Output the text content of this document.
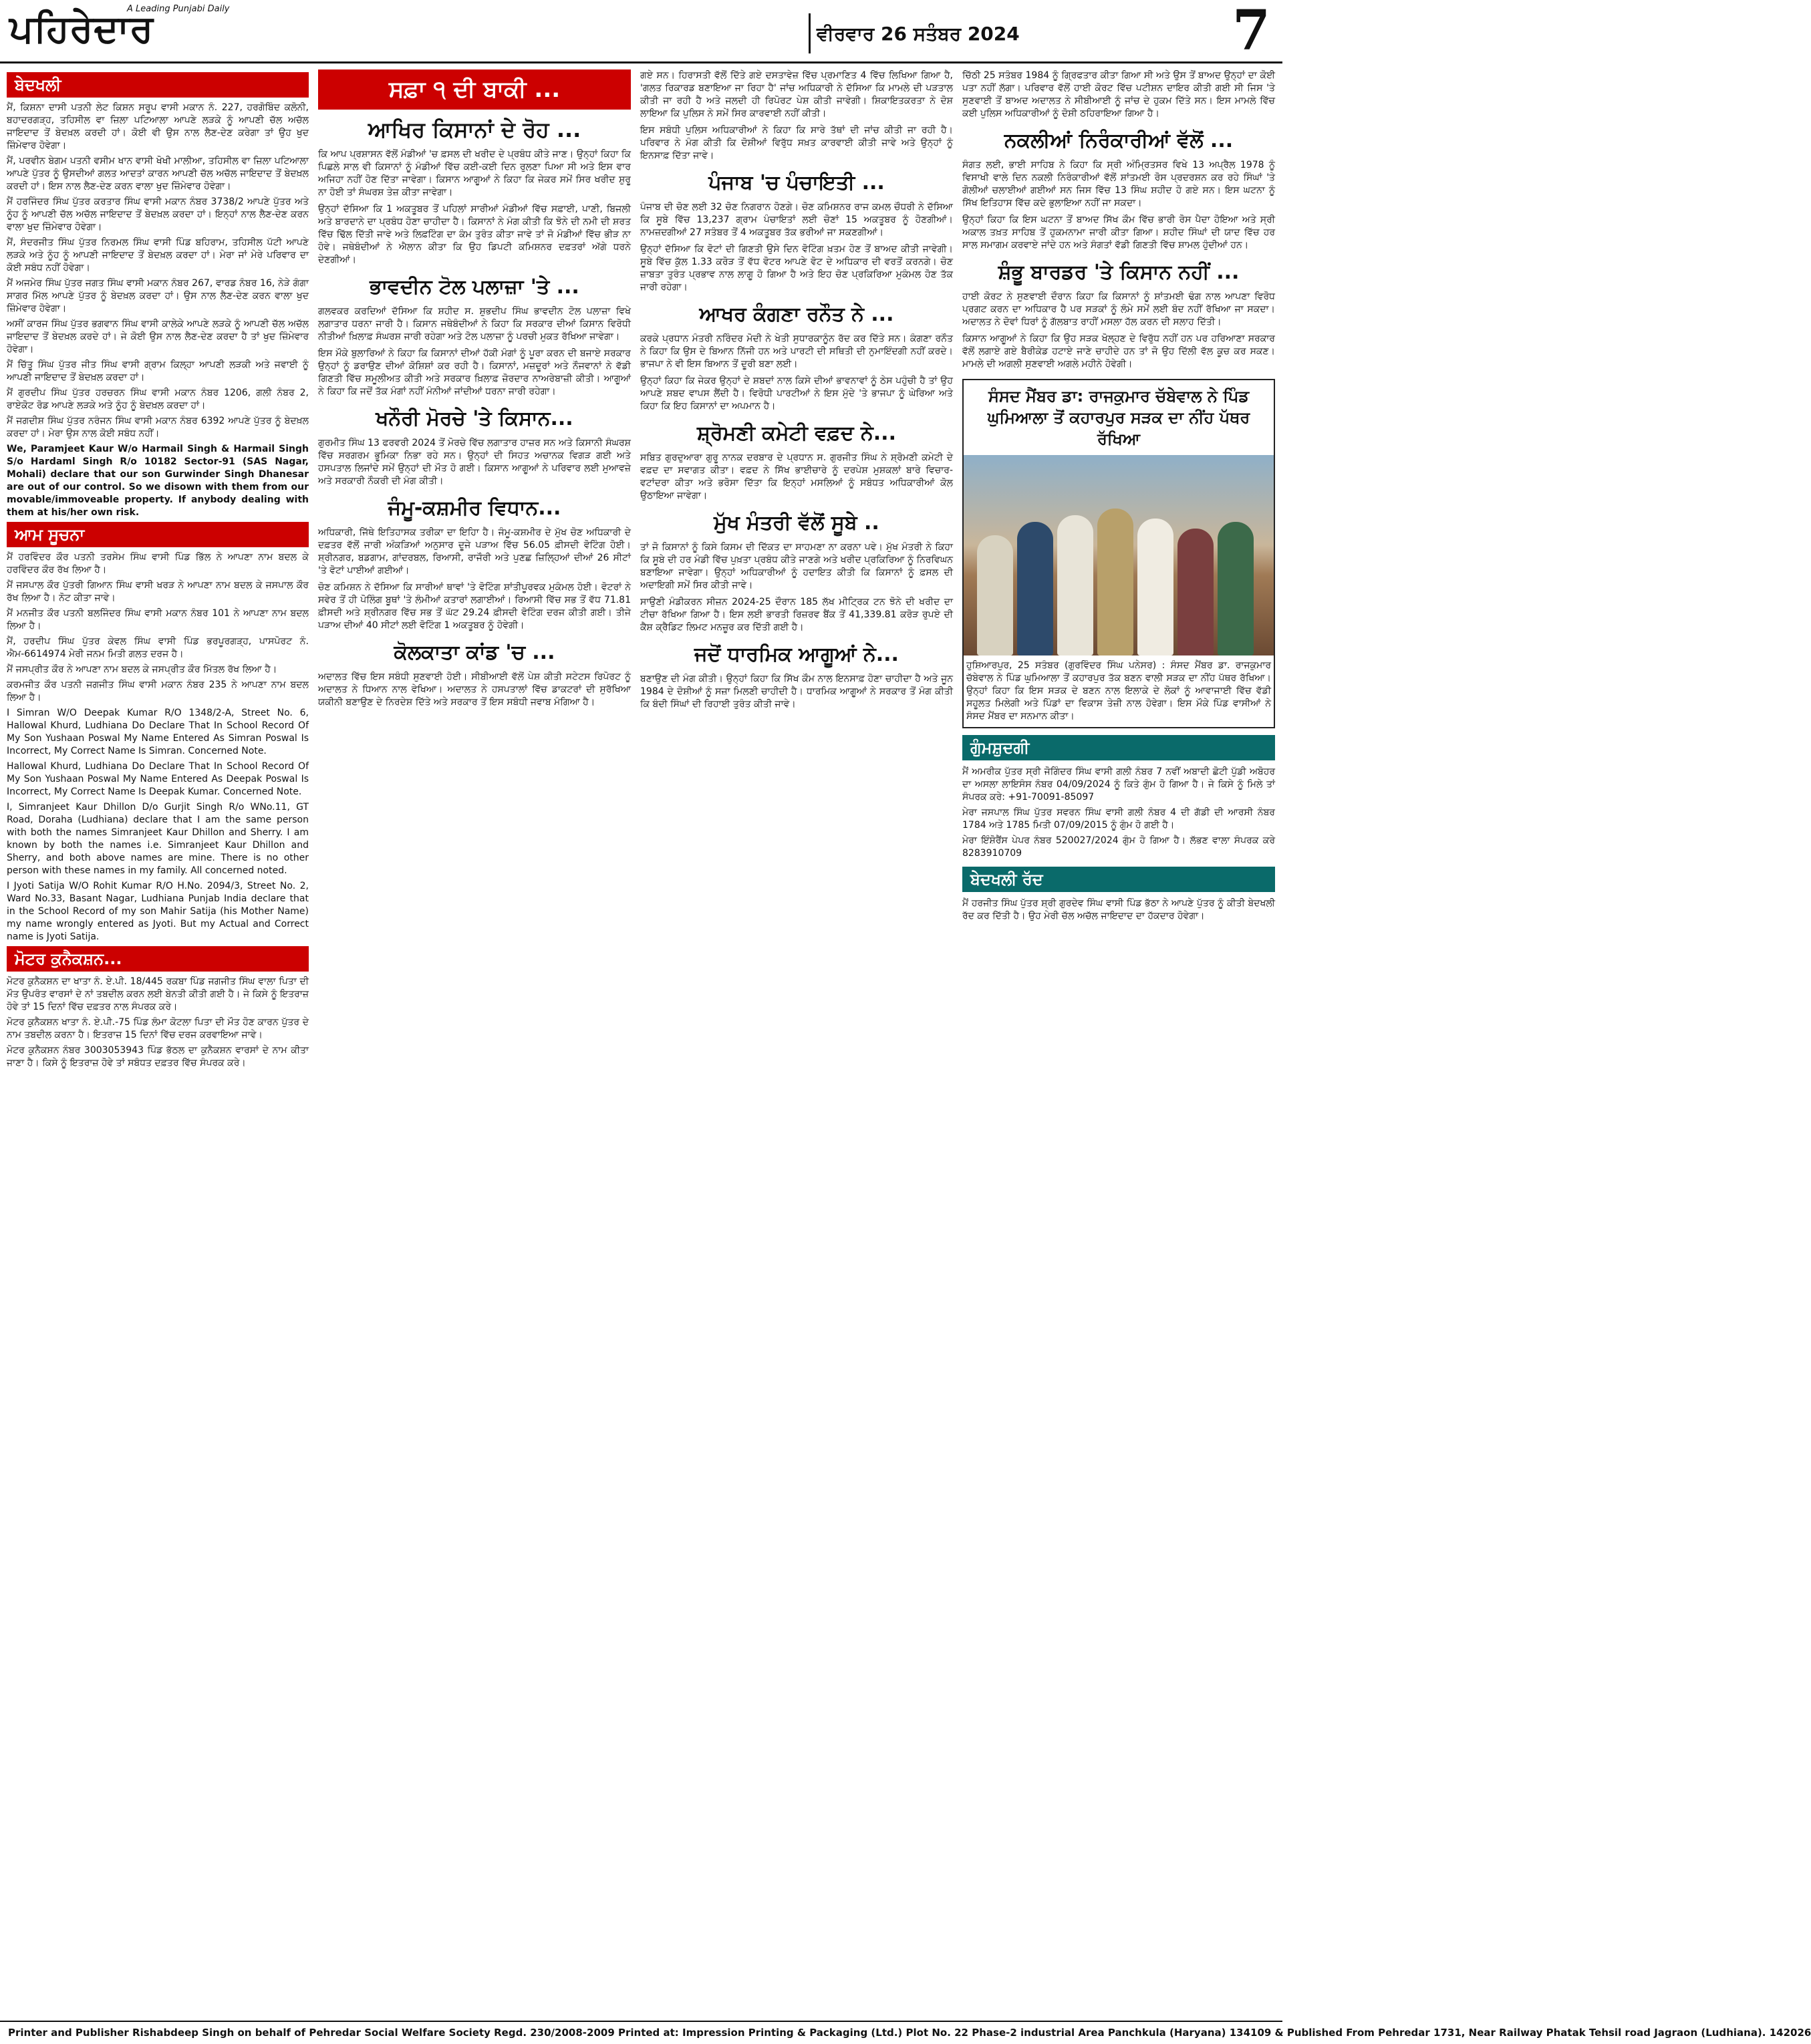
ਪਹਿਰੇਦਾਰ
A Leading Punjabi Daily
ਵੀਰਵਾਰ 26 ਸਤੰਬਰ 2024	7
ਬੇਦਖਲੀ
ਮੈਂ, ਕਿਸ਼ਨਾ ਦਾਸੀ ਪਤਨੀ ਲੇਟ ਕਿਸ਼ਨ ਸਰੂਪ ਵਾਸੀ ਮਕਾਨ ਨੰ. 227, ਹਰਗੋਬਿੰਦ ਕਲੋਨੀ, ਬਹਾਦਰਗੜ੍ਹ, ਤਹਿਸੀਲ ਵਾ ਜ਼ਿਲਾ ਪਟਿਆਲਾ ਆਪਣੇ ਲੜਕੇ ਨੂੰ ਆਪਣੀ ਚੱਲ ਅਚੱਲ ਜਾਇਦਾਦ ਤੋਂ ਬੇਦਖ਼ਲ ਕਰਦੀ ਹਾਂ। ਕੋਈ ਵੀ ਉਸ ਨਾਲ ਲੈਣ-ਦੇਣ ਕਰੇਗਾ ਤਾਂ ਉਹ ਖੁਦ ਜ਼ਿੰਮੇਵਾਰ ਹੋਵੇਗਾ।
ਮੈਂ, ਪਰਵੀਨ ਬੇਗਮ ਪਤਨੀ ਵਸੀਮ ਖਾਨ ਵਾਸੀ ਖੋਖੀ ਮਾਲੀਆ, ਤਹਿਸੀਲ ਵਾ ਜ਼ਿਲਾ ਪਟਿਆਲਾ ਆਪਣੇ ਪੁੱਤਰ ਨੂੰ ਉਸਦੀਆਂ ਗਲਤ ਆਦਤਾਂ ਕਾਰਨ ਆਪਣੀ ਚੱਲ ਅਚੱਲ ਜਾਇਦਾਦ ਤੋਂ ਬੇਦਖ਼ਲ ਕਰਦੀ ਹਾਂ। ਇਸ ਨਾਲ ਲੈਣ-ਦੇਣ ਕਰਨ ਵਾਲਾ ਖੁਦ ਜ਼ਿੰਮੇਵਾਰ ਹੋਵੇਗਾ।
ਮੈਂ ਹਰਜਿੰਦਰ ਸਿੰਘ ਪੁੱਤਰ ਕਰਤਾਰ ਸਿੰਘ ਵਾਸੀ ਮਕਾਨ ਨੰਬਰ 3738/2 ਆਪਣੇ ਪੁੱਤਰ ਅਤੇ ਨੂੰਹ ਨੂੰ ਆਪਣੀ ਚੱਲ ਅਚੱਲ ਜਾਇਦਾਦ ਤੋਂ ਬੇਦਖ਼ਲ ਕਰਦਾ ਹਾਂ। ਇਨ੍ਹਾਂ ਨਾਲ ਲੈਣ-ਦੇਣ ਕਰਨ ਵਾਲਾ ਖੁਦ ਜ਼ਿੰਮੇਵਾਰ ਹੋਵੇਗਾ।
ਮੈਂ, ਸੰਦਰਜੀਤ ਸਿੰਘ ਪੁੱਤਰ ਨਿਰਮਲ ਸਿੰਘ ਵਾਸੀ ਪਿੰਡ ਬਹਿਰਾਮ, ਤਹਿਸੀਲ ਪੱਟੀ ਆਪਣੇ ਲੜਕੇ ਅਤੇ ਨੂੰਹ ਨੂੰ ਆਪਣੀ ਜਾਇਦਾਦ ਤੋਂ ਬੇਦਖ਼ਲ ਕਰਦਾ ਹਾਂ। ਮੇਰਾ ਜਾਂ ਮੇਰੇ ਪਰਿਵਾਰ ਦਾ ਕੋਈ ਸਬੰਧ ਨਹੀਂ ਹੋਵੇਗਾ।
ਮੈਂ ਅਜਮੇਰ ਸਿੰਘ ਪੁੱਤਰ ਜਗਤ ਸਿੰਘ ਵਾਸੀ ਮਕਾਨ ਨੰਬਰ 267, ਵਾਰਡ ਨੰਬਰ 16, ਨੇੜੇ ਗੰਗਾ ਸਾਗਰ ਮਿੱਲ ਆਪਣੇ ਪੁੱਤਰ ਨੂੰ ਬੇਦਖ਼ਲ ਕਰਦਾ ਹਾਂ। ਉਸ ਨਾਲ ਲੈਣ-ਦੇਣ ਕਰਨ ਵਾਲਾ ਖੁਦ ਜ਼ਿੰਮੇਵਾਰ ਹੋਵੇਗਾ।
ਅਸੀਂ ਕਾਰਜ ਸਿੰਘ ਪੁੱਤਰ ਭਗਵਾਨ ਸਿੰਘ ਵਾਸੀ ਕਾਲੇਕੇ ਆਪਣੇ ਲੜਕੇ ਨੂੰ ਆਪਣੀ ਚੱਲ ਅਚੱਲ ਜਾਇਦਾਦ ਤੋਂ ਬੇਦਖ਼ਲ ਕਰਦੇ ਹਾਂ। ਜੇ ਕੋਈ ਉਸ ਨਾਲ ਲੈਣ-ਦੇਣ ਕਰਦਾ ਹੈ ਤਾਂ ਖੁਦ ਜ਼ਿੰਮੇਵਾਰ ਹੋਵੇਗਾ।
ਮੈਂ ਚਿੱਤੂ ਸਿੰਘ ਪੁੱਤਰ ਜੀਤ ਸਿੰਘ ਵਾਸੀ ਗ੍ਰਾਮ ਕਿਲ੍ਹਾ ਆਪਣੀ ਲੜਕੀ ਅਤੇ ਜਵਾਈ ਨੂੰ ਆਪਣੀ ਜਾਇਦਾਦ ਤੋਂ ਬੇਦਖ਼ਲ ਕਰਦਾ ਹਾਂ।
ਮੈਂ ਗੁਰਦੀਪ ਸਿੰਘ ਪੁੱਤਰ ਹਰਚਰਨ ਸਿੰਘ ਵਾਸੀ ਮਕਾਨ ਨੰਬਰ 1206, ਗਲੀ ਨੰਬਰ 2, ਰਾਏਕੋਟ ਰੋਡ ਆਪਣੇ ਲੜਕੇ ਅਤੇ ਨੂੰਹ ਨੂੰ ਬੇਦਖ਼ਲ ਕਰਦਾ ਹਾਂ।
ਮੈਂ ਜਗਦੀਸ਼ ਸਿੰਘ ਪੁੱਤਰ ਨਰੰਜਨ ਸਿੰਘ ਵਾਸੀ ਮਕਾਨ ਨੰਬਰ 6392 ਆਪਣੇ ਪੁੱਤਰ ਨੂੰ ਬੇਦਖ਼ਲ ਕਰਦਾ ਹਾਂ। ਮੇਰਾ ਉਸ ਨਾਲ ਕੋਈ ਸਬੰਧ ਨਹੀਂ।
We, Paramjeet Kaur W/o Harmail Singh & Harmail Singh S/o Hardaml Singh R/o 10182 Sector-91 (SAS Nagar, Mohali) declare that our son Gurwinder Singh Dhanesar are out of our control. So we disown with them from our movable/immoveable property. If anybody dealing with them at his/her own risk.
ਆਮ ਸੂਚਨਾ
ਮੈਂ ਹਰਵਿੰਦਰ ਕੌਰ ਪਤਨੀ ਤਰਸੇਮ ਸਿੰਘ ਵਾਸੀ ਪਿੰਡ ਭਿੱਲ ਨੇ ਆਪਣਾ ਨਾਮ ਬਦਲ ਕੇ ਹਰਵਿੰਦਰ ਕੌਰ ਰੱਖ ਲਿਆ ਹੈ।
ਮੈਂ ਜਸਪਾਲ ਕੌਰ ਪੁੱਤਰੀ ਗਿਆਨ ਸਿੰਘ ਵਾਸੀ ਖਰੜ ਨੇ ਆਪਣਾ ਨਾਮ ਬਦਲ ਕੇ ਜਸਪਾਲ ਕੌਰ ਰੱਖ ਲਿਆ ਹੈ। ਨੋਟ ਕੀਤਾ ਜਾਵੇ।
ਮੈਂ ਮਨਜੀਤ ਕੌਰ ਪਤਨੀ ਬਲਜਿੰਦਰ ਸਿੰਘ ਵਾਸੀ ਮਕਾਨ ਨੰਬਰ 101 ਨੇ ਆਪਣਾ ਨਾਮ ਬਦਲ ਲਿਆ ਹੈ।
ਮੈਂ, ਹਰਦੀਪ ਸਿੰਘ ਪੁੱਤਰ ਕੇਵਲ ਸਿੰਘ ਵਾਸੀ ਪਿੰਡ ਭਰਪੂਰਗੜ੍ਹ, ਪਾਸਪੋਰਟ ਨੰ. ਐਮ-6614974 ਮੇਰੀ ਜਨਮ ਮਿਤੀ ਗਲਤ ਦਰਜ ਹੈ।
ਮੈਂ ਜਸਪ੍ਰੀਤ ਕੌਰ ਨੇ ਆਪਣਾ ਨਾਮ ਬਦਲ ਕੇ ਜਸਪ੍ਰੀਤ ਕੌਰ ਮਿੱਤਲ ਰੱਖ ਲਿਆ ਹੈ।
ਕਰਮਜੀਤ ਕੌਰ ਪਤਨੀ ਜਗਜੀਤ ਸਿੰਘ ਵਾਸੀ ਮਕਾਨ ਨੰਬਰ 235 ਨੇ ਆਪਣਾ ਨਾਮ ਬਦਲ ਲਿਆ ਹੈ।
I Simran W/O Deepak Kumar R/O 1348/2-A, Street No. 6, Hallowal Khurd, Ludhiana Do Declare That In School Record Of My Son Yushaan Poswal My Name Entered As Simran Poswal Is Incorrect, My Correct Name Is Simran. Concerned Note.
Hallowal Khurd, Ludhiana Do Declare That In School Record Of My Son Yushaan Poswal My Name Entered As Deepak Poswal Is Incorrect, My Correct Name Is Deepak Kumar. Concerned Note.
I, Simranjeet Kaur Dhillon D/o Gurjit Singh R/o WNo.11, GT Road, Doraha (Ludhiana) declare that I am the same person with both the names Simranjeet Kaur Dhillon and Sherry. I am known by both the names i.e. Simranjeet Kaur Dhillon and Sherry, and both above names are mine. There is no other person with these names in my family. All concerned noted.
I Jyoti Satija W/O Rohit Kumar R/O H.No. 2094/3, Street No. 2, Ward No.33, Basant Nagar, Ludhiana Punjab India declare that in the School Record of my son Mahir Satija (his Mother Name) my name wrongly entered as Jyoti. But my Actual and Correct name is Jyoti Satija.
ਮੋਟਰ ਕੁਨੈਕਸ਼ਨ...
ਮੋਟਰ ਕੁਨੈਕਸ਼ਨ ਦਾ ਖਾਤਾ ਨੰ. ਏ.ਪੀ. 18/445 ਰਕਬਾ ਪਿੰਡ ਜਗਜੀਤ ਸਿੰਘ ਵਾਲਾ ਪਿਤਾ ਦੀ ਮੌਤ ਉਪਰੰਤ ਵਾਰਸਾਂ ਦੇ ਨਾਂ ਤਬਦੀਲ ਕਰਨ ਲਈ ਬੇਨਤੀ ਕੀਤੀ ਗਈ ਹੈ। ਜੇ ਕਿਸੇ ਨੂੰ ਇਤਰਾਜ਼ ਹੋਵੇ ਤਾਂ 15 ਦਿਨਾਂ ਵਿੱਚ ਦਫ਼ਤਰ ਨਾਲ ਸੰਪਰਕ ਕਰੇ।
ਮੋਟਰ ਕੁਨੈਕਸ਼ਨ ਖਾਤਾ ਨੰ. ਏ.ਪੀ.-75 ਪਿੰਡ ਲੰਮਾ ਕੋਟਲਾ ਪਿਤਾ ਦੀ ਮੌਤ ਹੋਣ ਕਾਰਨ ਪੁੱਤਰ ਦੇ ਨਾਮ ਤਬਦੀਲ ਕਰਨਾ ਹੈ। ਇਤਰਾਜ਼ 15 ਦਿਨਾਂ ਵਿੱਚ ਦਰਜ ਕਰਵਾਇਆ ਜਾਵੇ।
ਮੋਟਰ ਕੁਨੈਕਸ਼ਨ ਨੰਬਰ 3003053943 ਪਿੰਡ ਭੱਠਲ ਦਾ ਕੁਨੈਕਸ਼ਨ ਵਾਰਸਾਂ ਦੇ ਨਾਮ ਕੀਤਾ ਜਾਣਾ ਹੈ। ਕਿਸੇ ਨੂੰ ਇਤਰਾਜ਼ ਹੋਵੇ ਤਾਂ ਸਬੰਧਤ ਦਫ਼ਤਰ ਵਿੱਚ ਸੰਪਰਕ ਕਰੇ।
ਸਫ਼ਾ ੧ ਦੀ ਬਾਕੀ ...
ਆਖਿਰ ਕਿਸਾਨਾਂ ਦੇ ਰੋਹ ...

ਕਿ ਆਪ ਪ੍ਰਸ਼ਾਸਨ ਵੱਲੋਂ ਮੰਡੀਆਂ 'ਚ ਫ਼ਸਲ ਦੀ ਖਰੀਦ ਦੇ ਪ੍ਰਬੰਧ ਕੀਤੇ ਜਾਣ। ਉਨ੍ਹਾਂ ਕਿਹਾ ਕਿ ਪਿਛਲੇ ਸਾਲ ਵੀ ਕਿਸਾਨਾਂ ਨੂੰ ਮੰਡੀਆਂ ਵਿੱਚ ਕਈ-ਕਈ ਦਿਨ ਰੁਲਣਾ ਪਿਆ ਸੀ ਅਤੇ ਇਸ ਵਾਰ ਅਜਿਹਾ ਨਹੀਂ ਹੋਣ ਦਿੱਤਾ ਜਾਵੇਗਾ। ਕਿਸਾਨ ਆਗੂਆਂ ਨੇ ਕਿਹਾ ਕਿ ਜੇਕਰ ਸਮੇਂ ਸਿਰ ਖਰੀਦ ਸ਼ੁਰੂ ਨਾ ਹੋਈ ਤਾਂ ਸੰਘਰਸ਼ ਤੇਜ਼ ਕੀਤਾ ਜਾਵੇਗਾ।

ਉਨ੍ਹਾਂ ਦੱਸਿਆ ਕਿ 1 ਅਕਤੂਬਰ ਤੋਂ ਪਹਿਲਾਂ ਸਾਰੀਆਂ ਮੰਡੀਆਂ ਵਿੱਚ ਸਫ਼ਾਈ, ਪਾਣੀ, ਬਿਜਲੀ ਅਤੇ ਬਾਰਦਾਨੇ ਦਾ ਪ੍ਰਬੰਧ ਹੋਣਾ ਚਾਹੀਦਾ ਹੈ। ਕਿਸਾਨਾਂ ਨੇ ਮੰਗ ਕੀਤੀ ਕਿ ਝੋਨੇ ਦੀ ਨਮੀ ਦੀ ਸ਼ਰਤ ਵਿੱਚ ਢਿੱਲ ਦਿੱਤੀ ਜਾਵੇ ਅਤੇ ਲਿਫ਼ਟਿੰਗ ਦਾ ਕੰਮ ਤੁਰੰਤ ਕੀਤਾ ਜਾਵੇ ਤਾਂ ਜੋ ਮੰਡੀਆਂ ਵਿੱਚ ਭੀੜ ਨਾ ਹੋਵੇ। ਜਥੇਬੰਦੀਆਂ ਨੇ ਐਲਾਨ ਕੀਤਾ ਕਿ ਉਹ ਡਿਪਟੀ ਕਮਿਸ਼ਨਰ ਦਫ਼ਤਰਾਂ ਅੱਗੇ ਧਰਨੇ ਦੇਣਗੀਆਂ।

ਭਾਵਦੀਨ ਟੋਲ ਪਲਾਜ਼ਾ 'ਤੇ ...

ਗਲਵਕਰ ਕਰਦਿਆਂ ਦੱਸਿਆ ਕਿ ਸ਼ਹੀਦ ਸ. ਸ਼ੁਭਦੀਪ ਸਿੰਘ ਭਾਵਦੀਨ ਟੋਲ ਪਲਾਜ਼ਾ ਵਿਖੇ ਲਗਾਤਾਰ ਧਰਨਾ ਜਾਰੀ ਹੈ। ਕਿਸਾਨ ਜਥੇਬੰਦੀਆਂ ਨੇ ਕਿਹਾ ਕਿ ਸਰਕਾਰ ਦੀਆਂ ਕਿਸਾਨ ਵਿਰੋਧੀ ਨੀਤੀਆਂ ਖ਼ਿਲਾਫ਼ ਸੰਘਰਸ਼ ਜਾਰੀ ਰਹੇਗਾ ਅਤੇ ਟੋਲ ਪਲਾਜ਼ਾ ਨੂੰ ਪਰਚੀ ਮੁਕਤ ਰੱਖਿਆ ਜਾਵੇਗਾ।

ਇਸ ਮੌਕੇ ਬੁਲਾਰਿਆਂ ਨੇ ਕਿਹਾ ਕਿ ਕਿਸਾਨਾਂ ਦੀਆਂ ਹੱਕੀ ਮੰਗਾਂ ਨੂੰ ਪੂਰਾ ਕਰਨ ਦੀ ਬਜਾਏ ਸਰਕਾਰ ਉਨ੍ਹਾਂ ਨੂੰ ਡਰਾਉਣ ਦੀਆਂ ਕੋਸ਼ਿਸ਼ਾਂ ਕਰ ਰਹੀ ਹੈ। ਕਿਸਾਨਾਂ, ਮਜ਼ਦੂਰਾਂ ਅਤੇ ਨੌਜਵਾਨਾਂ ਨੇ ਵੱਡੀ ਗਿਣਤੀ ਵਿੱਚ ਸ਼ਮੂਲੀਅਤ ਕੀਤੀ ਅਤੇ ਸਰਕਾਰ ਖ਼ਿਲਾਫ਼ ਜ਼ੋਰਦਾਰ ਨਾਅਰੇਬਾਜ਼ੀ ਕੀਤੀ। ਆਗੂਆਂ ਨੇ ਕਿਹਾ ਕਿ ਜਦੋਂ ਤੱਕ ਮੰਗਾਂ ਨਹੀਂ ਮੰਨੀਆਂ ਜਾਂਦੀਆਂ ਧਰਨਾ ਜਾਰੀ ਰਹੇਗਾ।

ਖਨੌਰੀ ਮੋਰਚੇ 'ਤੇ ਕਿਸਾਨ...

ਗੁਰਮੀਤ ਸਿੰਘ 13 ਫਰਵਰੀ 2024 ਤੋਂ ਮੋਰਚੇ ਵਿੱਚ ਲਗਾਤਾਰ ਹਾਜ਼ਰ ਸਨ ਅਤੇ ਕਿਸਾਨੀ ਸੰਘਰਸ਼ ਵਿੱਚ ਸਰਗਰਮ ਭੂਮਿਕਾ ਨਿਭਾ ਰਹੇ ਸਨ। ਉਨ੍ਹਾਂ ਦੀ ਸਿਹਤ ਅਚਾਨਕ ਵਿਗੜ ਗਈ ਅਤੇ ਹਸਪਤਾਲ ਲਿਜਾਂਦੇ ਸਮੇਂ ਉਨ੍ਹਾਂ ਦੀ ਮੌਤ ਹੋ ਗਈ। ਕਿਸਾਨ ਆਗੂਆਂ ਨੇ ਪਰਿਵਾਰ ਲਈ ਮੁਆਵਜ਼ੇ ਅਤੇ ਸਰਕਾਰੀ ਨੌਕਰੀ ਦੀ ਮੰਗ ਕੀਤੀ।

ਜੰਮੂ-ਕਸ਼ਮੀਰ ਵਿਧਾਨ...

ਅਧਿਕਾਰੀ, ਜਿੱਥੇ ਇਤਿਹਾਸਕ ਤਰੀਕਾ ਦਾ ਇਹਿਾ ਹੈ। ਜੰਮੂ-ਕਸ਼ਮੀਰ ਦੇ ਮੁੱਖ ਚੋਣ ਅਧਿਕਾਰੀ ਦੇ ਦਫ਼ਤਰ ਵੱਲੋਂ ਜਾਰੀ ਅੰਕੜਿਆਂ ਅਨੁਸਾਰ ਦੂਜੇ ਪੜਾਅ ਵਿੱਚ 56.05 ਫ਼ੀਸਦੀ ਵੋਟਿੰਗ ਹੋਈ। ਸ਼੍ਰੀਨਗਰ, ਬਡਗਾਮ, ਗਾਂਦਰਬਲ, ਰਿਆਸੀ, ਰਾਜੌਰੀ ਅਤੇ ਪੁਣਛ ਜ਼ਿਲ੍ਹਿਆਂ ਦੀਆਂ 26 ਸੀਟਾਂ 'ਤੇ ਵੋਟਾਂ ਪਾਈਆਂ ਗਈਆਂ।

ਚੋਣ ਕਮਿਸ਼ਨ ਨੇ ਦੱਸਿਆ ਕਿ ਸਾਰੀਆਂ ਥਾਵਾਂ 'ਤੇ ਵੋਟਿੰਗ ਸ਼ਾਂਤੀਪੂਰਵਕ ਮੁਕੰਮਲ ਹੋਈ। ਵੋਟਰਾਂ ਨੇ ਸਵੇਰ ਤੋਂ ਹੀ ਪੋਲਿੰਗ ਬੂਥਾਂ 'ਤੇ ਲੰਮੀਆਂ ਕਤਾਰਾਂ ਲਗਾਈਆਂ। ਰਿਆਸੀ ਵਿੱਚ ਸਭ ਤੋਂ ਵੱਧ 71.81 ਫ਼ੀਸਦੀ ਅਤੇ ਸ਼੍ਰੀਨਗਰ ਵਿੱਚ ਸਭ ਤੋਂ ਘੱਟ 29.24 ਫ਼ੀਸਦੀ ਵੋਟਿੰਗ ਦਰਜ ਕੀਤੀ ਗਈ। ਤੀਜੇ ਪੜਾਅ ਦੀਆਂ 40 ਸੀਟਾਂ ਲਈ ਵੋਟਿੰਗ 1 ਅਕਤੂਬਰ ਨੂੰ ਹੋਵੇਗੀ।

ਕੋਲਕਾਤਾ ਕਾਂਡ 'ਚ ...

ਅਦਾਲਤ ਵਿੱਚ ਇਸ ਸਬੰਧੀ ਸੁਣਵਾਈ ਹੋਈ। ਸੀਬੀਆਈ ਵੱਲੋਂ ਪੇਸ਼ ਕੀਤੀ ਸਟੇਟਸ ਰਿਪੋਰਟ ਨੂੰ ਅਦਾਲਤ ਨੇ ਧਿਆਨ ਨਾਲ ਵੇਖਿਆ। ਅਦਾਲਤ ਨੇ ਹਸਪਤਾਲਾਂ ਵਿੱਚ ਡਾਕਟਰਾਂ ਦੀ ਸੁਰੱਖਿਆ ਯਕੀਨੀ ਬਣਾਉਣ ਦੇ ਨਿਰਦੇਸ਼ ਦਿੱਤੇ ਅਤੇ ਸਰਕਾਰ ਤੋਂ ਇਸ ਸਬੰਧੀ ਜਵਾਬ ਮੰਗਿਆ ਹੈ।

ਗਏ ਸਨ। ਹਿਰਾਸਤੀ ਵੱਲੋਂ ਦਿੱਤੇ ਗਏ ਦਸਤਾਵੇਜ਼ ਵਿੱਚ ਪ੍ਰਮਾਣਿਤ 4 ਵਿੱਚ ਲਿਖਿਆ ਗਿਆ ਹੈ, 'ਗਲਤ ਰਿਕਾਰਡ ਬਣਾਇਆ ਜਾ ਰਿਹਾ ਹੈ' ਜਾਂਚ ਅਧਿਕਾਰੀ ਨੇ ਦੱਸਿਆ ਕਿ ਮਾਮਲੇ ਦੀ ਪੜਤਾਲ ਕੀਤੀ ਜਾ ਰਹੀ ਹੈ ਅਤੇ ਜਲਦੀ ਹੀ ਰਿਪੋਰਟ ਪੇਸ਼ ਕੀਤੀ ਜਾਵੇਗੀ। ਸ਼ਿਕਾਇਤਕਰਤਾ ਨੇ ਦੋਸ਼ ਲਾਇਆ ਕਿ ਪੁਲਿਸ ਨੇ ਸਮੇਂ ਸਿਰ ਕਾਰਵਾਈ ਨਹੀਂ ਕੀਤੀ।

ਇਸ ਸਬੰਧੀ ਪੁਲਿਸ ਅਧਿਕਾਰੀਆਂ ਨੇ ਕਿਹਾ ਕਿ ਸਾਰੇ ਤੱਥਾਂ ਦੀ ਜਾਂਚ ਕੀਤੀ ਜਾ ਰਹੀ ਹੈ। ਪਰਿਵਾਰ ਨੇ ਮੰਗ ਕੀਤੀ ਕਿ ਦੋਸ਼ੀਆਂ ਵਿਰੁੱਧ ਸਖ਼ਤ ਕਾਰਵਾਈ ਕੀਤੀ ਜਾਵੇ ਅਤੇ ਉਨ੍ਹਾਂ ਨੂੰ ਇਨਸਾਫ਼ ਦਿੱਤਾ ਜਾਵੇ।

ਪੰਜਾਬ 'ਚ ਪੰਚਾਇਤੀ ...

ਪੰਜਾਬ ਦੀ ਚੋਣ ਲਈ 32 ਚੋਣ ਨਿਗਰਾਨ ਹੋਣਗੇ। ਚੋਣ ਕਮਿਸ਼ਨਰ ਰਾਜ ਕਮਲ ਚੌਧਰੀ ਨੇ ਦੱਸਿਆ ਕਿ ਸੂਬੇ ਵਿੱਚ 13,237 ਗ੍ਰਾਮ ਪੰਚਾਇਤਾਂ ਲਈ ਚੋਣਾਂ 15 ਅਕਤੂਬਰ ਨੂੰ ਹੋਣਗੀਆਂ। ਨਾਮਜ਼ਦਗੀਆਂ 27 ਸਤੰਬਰ ਤੋਂ 4 ਅਕਤੂਬਰ ਤੱਕ ਭਰੀਆਂ ਜਾ ਸਕਣਗੀਆਂ।

ਉਨ੍ਹਾਂ ਦੱਸਿਆ ਕਿ ਵੋਟਾਂ ਦੀ ਗਿਣਤੀ ਉਸੇ ਦਿਨ ਵੋਟਿੰਗ ਖ਼ਤਮ ਹੋਣ ਤੋਂ ਬਾਅਦ ਕੀਤੀ ਜਾਵੇਗੀ। ਸੂਬੇ ਵਿੱਚ ਕੁੱਲ 1.33 ਕਰੋੜ ਤੋਂ ਵੱਧ ਵੋਟਰ ਆਪਣੇ ਵੋਟ ਦੇ ਅਧਿਕਾਰ ਦੀ ਵਰਤੋਂ ਕਰਨਗੇ। ਚੋਣ ਜ਼ਾਬਤਾ ਤੁਰੰਤ ਪ੍ਰਭਾਵ ਨਾਲ ਲਾਗੂ ਹੋ ਗਿਆ ਹੈ ਅਤੇ ਇਹ ਚੋਣ ਪ੍ਰਕਿਰਿਆ ਮੁਕੰਮਲ ਹੋਣ ਤੱਕ ਜਾਰੀ ਰਹੇਗਾ।

ਆਖਰ ਕੰਗਣਾ ਰਨੌਤ ਨੇ ...

ਕਰਕੇ ਪ੍ਰਧਾਨ ਮੰਤਰੀ ਨਰਿੰਦਰ ਮੋਦੀ ਨੇ ਖੇਤੀ ਸੁਧਾਰਕਾਨੂੰਨ ਰੱਦ ਕਰ ਦਿੱਤੇ ਸਨ। ਕੰਗਣਾ ਰਨੌਤ ਨੇ ਕਿਹਾ ਕਿ ਉਸ ਦੇ ਬਿਆਨ ਨਿੱਜੀ ਹਨ ਅਤੇ ਪਾਰਟੀ ਦੀ ਸਥਿਤੀ ਦੀ ਨੁਮਾਇੰਦਗੀ ਨਹੀਂ ਕਰਦੇ। ਭਾਜਪਾ ਨੇ ਵੀ ਇਸ ਬਿਆਨ ਤੋਂ ਦੂਰੀ ਬਣਾ ਲਈ।

ਉਨ੍ਹਾਂ ਕਿਹਾ ਕਿ ਜੇਕਰ ਉਨ੍ਹਾਂ ਦੇ ਸ਼ਬਦਾਂ ਨਾਲ ਕਿਸੇ ਦੀਆਂ ਭਾਵਨਾਵਾਂ ਨੂੰ ਠੇਸ ਪਹੁੰਚੀ ਹੈ ਤਾਂ ਉਹ ਆਪਣੇ ਸ਼ਬਦ ਵਾਪਸ ਲੈਂਦੀ ਹੈ। ਵਿਰੋਧੀ ਪਾਰਟੀਆਂ ਨੇ ਇਸ ਮੁੱਦੇ 'ਤੇ ਭਾਜਪਾ ਨੂੰ ਘੇਰਿਆ ਅਤੇ ਕਿਹਾ ਕਿ ਇਹ ਕਿਸਾਨਾਂ ਦਾ ਅਪਮਾਨ ਹੈ।

ਸ਼੍ਰੋਮਣੀ ਕਮੇਟੀ ਵਫ਼ਦ ਨੇ...

ਸਬਿਤ ਗੁਰਦੁਆਰਾ ਗੁਰੂ ਨਾਨਕ ਦਰਬਾਰ ਦੇ ਪ੍ਰਧਾਨ ਸ. ਗੁਰਜੀਤ ਸਿੰਘ ਨੇ ਸ਼੍ਰੋਮਣੀ ਕਮੇਟੀ ਦੇ ਵਫ਼ਦ ਦਾ ਸਵਾਗਤ ਕੀਤਾ। ਵਫ਼ਦ ਨੇ ਸਿੱਖ ਭਾਈਚਾਰੇ ਨੂੰ ਦਰਪੇਸ਼ ਮੁਸ਼ਕਲਾਂ ਬਾਰੇ ਵਿਚਾਰ-ਵਟਾਂਦਰਾ ਕੀਤਾ ਅਤੇ ਭਰੋਸਾ ਦਿੱਤਾ ਕਿ ਇਨ੍ਹਾਂ ਮਸਲਿਆਂ ਨੂੰ ਸਬੰਧਤ ਅਧਿਕਾਰੀਆਂ ਕੋਲ ਉਠਾਇਆ ਜਾਵੇਗਾ।

ਮੁੱਖ ਮੰਤਰੀ ਵੱਲੋਂ ਸੂਬੇ ..

ਤਾਂ ਜੋ ਕਿਸਾਨਾਂ ਨੂੰ ਕਿਸੇ ਕਿਸਮ ਦੀ ਦਿੱਕਤ ਦਾ ਸਾਹਮਣਾ ਨਾ ਕਰਨਾ ਪਵੇ। ਮੁੱਖ ਮੰਤਰੀ ਨੇ ਕਿਹਾ ਕਿ ਸੂਬੇ ਦੀ ਹਰ ਮੰਡੀ ਵਿੱਚ ਪੁਖ਼ਤਾ ਪ੍ਰਬੰਧ ਕੀਤੇ ਜਾਣਗੇ ਅਤੇ ਖਰੀਦ ਪ੍ਰਕਿਰਿਆ ਨੂੰ ਨਿਰਵਿਘਨ ਬਣਾਇਆ ਜਾਵੇਗਾ। ਉਨ੍ਹਾਂ ਅਧਿਕਾਰੀਆਂ ਨੂੰ ਹਦਾਇਤ ਕੀਤੀ ਕਿ ਕਿਸਾਨਾਂ ਨੂੰ ਫ਼ਸਲ ਦੀ ਅਦਾਇਗੀ ਸਮੇਂ ਸਿਰ ਕੀਤੀ ਜਾਵੇ।

ਸਾਉਣੀ ਮੰਡੀਕਰਨ ਸੀਜ਼ਨ 2024-25 ਦੌਰਾਨ 185 ਲੱਖ ਮੀਟ੍ਰਿਕ ਟਨ ਝੋਨੇ ਦੀ ਖਰੀਦ ਦਾ ਟੀਚਾ ਰੱਖਿਆ ਗਿਆ ਹੈ। ਇਸ ਲਈ ਭਾਰਤੀ ਰਿਜ਼ਰਵ ਬੈਂਕ ਤੋਂ 41,339.81 ਕਰੋੜ ਰੁਪਏ ਦੀ ਕੈਸ਼ ਕ੍ਰੈਡਿਟ ਲਿਮਟ ਮਨਜ਼ੂਰ ਕਰ ਦਿੱਤੀ ਗਈ ਹੈ।

ਜਦੋਂ ਧਾਰਮਿਕ ਆਗੂਆਂ ਨੇ...

ਬਣਾਉਣ ਦੀ ਮੰਗ ਕੀਤੀ। ਉਨ੍ਹਾਂ ਕਿਹਾ ਕਿ ਸਿੱਖ ਕੌਮ ਨਾਲ ਇਨਸਾਫ਼ ਹੋਣਾ ਚਾਹੀਦਾ ਹੈ ਅਤੇ ਜੂਨ 1984 ਦੇ ਦੋਸ਼ੀਆਂ ਨੂੰ ਸਜ਼ਾ ਮਿਲਣੀ ਚਾਹੀਦੀ ਹੈ। ਧਾਰਮਿਕ ਆਗੂਆਂ ਨੇ ਸਰਕਾਰ ਤੋਂ ਮੰਗ ਕੀਤੀ ਕਿ ਬੰਦੀ ਸਿੰਘਾਂ ਦੀ ਰਿਹਾਈ ਤੁਰੰਤ ਕੀਤੀ ਜਾਵੇ।

ਚਿੱਠੀ 25 ਸਤੰਬਰ 1984 ਨੂੰ ਗ੍ਰਿਫਤਾਰ ਕੀਤਾ ਗਿਆ ਸੀ ਅਤੇ ਉਸ ਤੋਂ ਬਾਅਦ ਉਨ੍ਹਾਂ ਦਾ ਕੋਈ ਪਤਾ ਨਹੀਂ ਲੱਗਾ। ਪਰਿਵਾਰ ਵੱਲੋਂ ਹਾਈ ਕੋਰਟ ਵਿੱਚ ਪਟੀਸ਼ਨ ਦਾਇਰ ਕੀਤੀ ਗਈ ਸੀ ਜਿਸ 'ਤੇ ਸੁਣਵਾਈ ਤੋਂ ਬਾਅਦ ਅਦਾਲਤ ਨੇ ਸੀਬੀਆਈ ਨੂੰ ਜਾਂਚ ਦੇ ਹੁਕਮ ਦਿੱਤੇ ਸਨ। ਇਸ ਮਾਮਲੇ ਵਿੱਚ ਕਈ ਪੁਲਿਸ ਅਧਿਕਾਰੀਆਂ ਨੂੰ ਦੋਸ਼ੀ ਠਹਿਰਾਇਆ ਗਿਆ ਹੈ।

ਨਕਲੀਆਂ ਨਿਰੰਕਾਰੀਆਂ ਵੱਲੋਂ ...

ਸੰਗਤ ਲਈ, ਭਾਈ ਸਾਹਿਬ ਨੇ ਕਿਹਾ ਕਿ ਸ੍ਰੀ ਅੰਮ੍ਰਿਤਸਰ ਵਿਖੇ 13 ਅਪ੍ਰੈਲ 1978 ਨੂੰ ਵਿਸਾਖੀ ਵਾਲੇ ਦਿਨ ਨਕਲੀ ਨਿਰੰਕਾਰੀਆਂ ਵੱਲੋਂ ਸ਼ਾਂਤਮਈ ਰੋਸ ਪ੍ਰਦਰਸ਼ਨ ਕਰ ਰਹੇ ਸਿੰਘਾਂ 'ਤੇ ਗੋਲੀਆਂ ਚਲਾਈਆਂ ਗਈਆਂ ਸਨ ਜਿਸ ਵਿੱਚ 13 ਸਿੰਘ ਸ਼ਹੀਦ ਹੋ ਗਏ ਸਨ। ਇਸ ਘਟਨਾ ਨੂੰ ਸਿੱਖ ਇਤਿਹਾਸ ਵਿੱਚ ਕਦੇ ਭੁਲਾਇਆ ਨਹੀਂ ਜਾ ਸਕਦਾ।

ਉਨ੍ਹਾਂ ਕਿਹਾ ਕਿ ਇਸ ਘਟਨਾ ਤੋਂ ਬਾਅਦ ਸਿੱਖ ਕੌਮ ਵਿੱਚ ਭਾਰੀ ਰੋਸ ਪੈਦਾ ਹੋਇਆ ਅਤੇ ਸ੍ਰੀ ਅਕਾਲ ਤਖ਼ਤ ਸਾਹਿਬ ਤੋਂ ਹੁਕਮਨਾਮਾ ਜਾਰੀ ਕੀਤਾ ਗਿਆ। ਸ਼ਹੀਦ ਸਿੰਘਾਂ ਦੀ ਯਾਦ ਵਿੱਚ ਹਰ ਸਾਲ ਸਮਾਗਮ ਕਰਵਾਏ ਜਾਂਦੇ ਹਨ ਅਤੇ ਸੰਗਤਾਂ ਵੱਡੀ ਗਿਣਤੀ ਵਿੱਚ ਸ਼ਾਮਲ ਹੁੰਦੀਆਂ ਹਨ।

ਸ਼ੰਭੂ ਬਾਰਡਰ 'ਤੇ ਕਿਸਾਨ ਨਹੀਂ ...

ਹਾਈ ਕੋਰਟ ਨੇ ਸੁਣਵਾਈ ਦੌਰਾਨ ਕਿਹਾ ਕਿ ਕਿਸਾਨਾਂ ਨੂੰ ਸ਼ਾਂਤਮਈ ਢੰਗ ਨਾਲ ਆਪਣਾ ਵਿਰੋਧ ਪ੍ਰਗਟ ਕਰਨ ਦਾ ਅਧਿਕਾਰ ਹੈ ਪਰ ਸੜਕਾਂ ਨੂੰ ਲੰਮੇ ਸਮੇਂ ਲਈ ਬੰਦ ਨਹੀਂ ਰੱਖਿਆ ਜਾ ਸਕਦਾ। ਅਦਾਲਤ ਨੇ ਦੋਵਾਂ ਧਿਰਾਂ ਨੂੰ ਗੱਲਬਾਤ ਰਾਹੀਂ ਮਸਲਾ ਹੱਲ ਕਰਨ ਦੀ ਸਲਾਹ ਦਿੱਤੀ।

ਕਿਸਾਨ ਆਗੂਆਂ ਨੇ ਕਿਹਾ ਕਿ ਉਹ ਸੜਕ ਖੋਲ੍ਹਣ ਦੇ ਵਿਰੁੱਧ ਨਹੀਂ ਹਨ ਪਰ ਹਰਿਆਣਾ ਸਰਕਾਰ ਵੱਲੋਂ ਲਗਾਏ ਗਏ ਬੈਰੀਕੇਡ ਹਟਾਏ ਜਾਣੇ ਚਾਹੀਦੇ ਹਨ ਤਾਂ ਜੋ ਉਹ ਦਿੱਲੀ ਵੱਲ ਕੂਚ ਕਰ ਸਕਣ। ਮਾਮਲੇ ਦੀ ਅਗਲੀ ਸੁਣਵਾਈ ਅਗਲੇ ਮਹੀਨੇ ਹੋਵੇਗੀ।

ਸੰਸਦ ਮੈਂਬਰ ਡਾ: ਰਾਜਕੁਮਾਰ ਚੱਬੇਵਾਲ ਨੇ ਪਿੰਡ ਘੁਮਿਆਲਾ ਤੋਂ ਕਹਾਰਪੁਰ ਸੜਕ ਦਾ ਨੀਂਹ ਪੱਥਰ ਰੱਖਿਆ
ਹੁਸ਼ਿਆਰਪੁਰ, 25 ਸਤੰਬਰ (ਗੁਰਵਿੰਦਰ ਸਿੰਘ ਪਨੇਸਰ) : ਸੰਸਦ ਮੈਂਬਰ ਡਾ. ਰਾਜਕੁਮਾਰ ਚੱਬੇਵਾਲ ਨੇ ਪਿੰਡ ਘੁਮਿਆਲਾ ਤੋਂ ਕਹਾਰਪੁਰ ਤੱਕ ਬਣਨ ਵਾਲੀ ਸੜਕ ਦਾ ਨੀਂਹ ਪੱਥਰ ਰੱਖਿਆ। ਉਨ੍ਹਾਂ ਕਿਹਾ ਕਿ ਇਸ ਸੜਕ ਦੇ ਬਣਨ ਨਾਲ ਇਲਾਕੇ ਦੇ ਲੋਕਾਂ ਨੂੰ ਆਵਾਜਾਈ ਵਿੱਚ ਵੱਡੀ ਸਹੂਲਤ ਮਿਲੇਗੀ ਅਤੇ ਪਿੰਡਾਂ ਦਾ ਵਿਕਾਸ ਤੇਜ਼ੀ ਨਾਲ ਹੋਵੇਗਾ। ਇਸ ਮੌਕੇ ਪਿੰਡ ਵਾਸੀਆਂ ਨੇ ਸੰਸਦ ਮੈਂਬਰ ਦਾ ਸਨਮਾਨ ਕੀਤਾ।
ਗੁੰਮਸ਼ੁਦਗੀ
ਮੈਂ ਅਮਰੀਕ ਪੁੱਤਰ ਸ੍ਰੀ ਜੋਗਿੰਦਰ ਸਿੰਘ ਵਾਸੀ ਗਲੀ ਨੰਬਰ 7 ਨਵੀਂ ਅਬਾਦੀ ਛੋਟੀ ਪੁੱਡੀ ਅਬੋਹਰ ਦਾ ਅਸਲਾ ਲਾਇਸੰਸ ਨੰਬਰ 04/09/2024 ਨੂੰ ਕਿਤੇ ਗੁੰਮ ਹੋ ਗਿਆ ਹੈ। ਜੇ ਕਿਸੇ ਨੂੰ ਮਿਲੇ ਤਾਂ ਸੰਪਰਕ ਕਰੇ: +91-70091-85097
ਮੇਰਾ ਜਸਪਾਲ ਸਿੰਘ ਪੁੱਤਰ ਸਵਰਨ ਸਿੰਘ ਵਾਸੀ ਗਲੀ ਨੰਬਰ 4 ਦੀ ਗੱਡੀ ਦੀ ਆਰਸੀ ਨੰਬਰ 1784 ਅਤੇ 1785 ਮਿਤੀ 07/09/2015 ਨੂੰ ਗੁੰਮ ਹੋ ਗਈ ਹੈ।
ਮੇਰਾ ਇੰਸ਼ੋਰੈਂਸ ਪੇਪਰ ਨੰਬਰ 520027/2024 ਗੁੰਮ ਹੋ ਗਿਆ ਹੈ। ਲੱਭਣ ਵਾਲਾ ਸੰਪਰਕ ਕਰੇ 8283910709
ਬੇਦਖਲੀ ਰੱਦ
ਮੈਂ ਹਰਜੀਤ ਸਿੰਘ ਪੁੱਤਰ ਸ਼੍ਰੀ ਗੁਰਦੇਵ ਸਿੰਘ ਵਾਸੀ ਪਿੰਡ ਭੱਠਾ ਨੇ ਆਪਣੇ ਪੁੱਤਰ ਨੂੰ ਕੀਤੀ ਬੇਦਖਲੀ ਰੱਦ ਕਰ ਦਿੱਤੀ ਹੈ। ਉਹ ਮੇਰੀ ਚੱਲ ਅਚੱਲ ਜਾਇਦਾਦ ਦਾ ਹੱਕਦਾਰ ਹੋਵੇਗਾ।
Printer and Publisher Rishabdeep Singh on behalf of Pehredar Social Welfare Society Regd. 230/2008-2009 Printed at: Impression Printing & Packaging (Ltd.) Plot No. 22 Phase-2 industrial Area Panchkula (Haryana) 134109 & Published From Pehredar 1731, Near Railway Phatak Tehsil road Jagraon (Ludhiana). 142026
